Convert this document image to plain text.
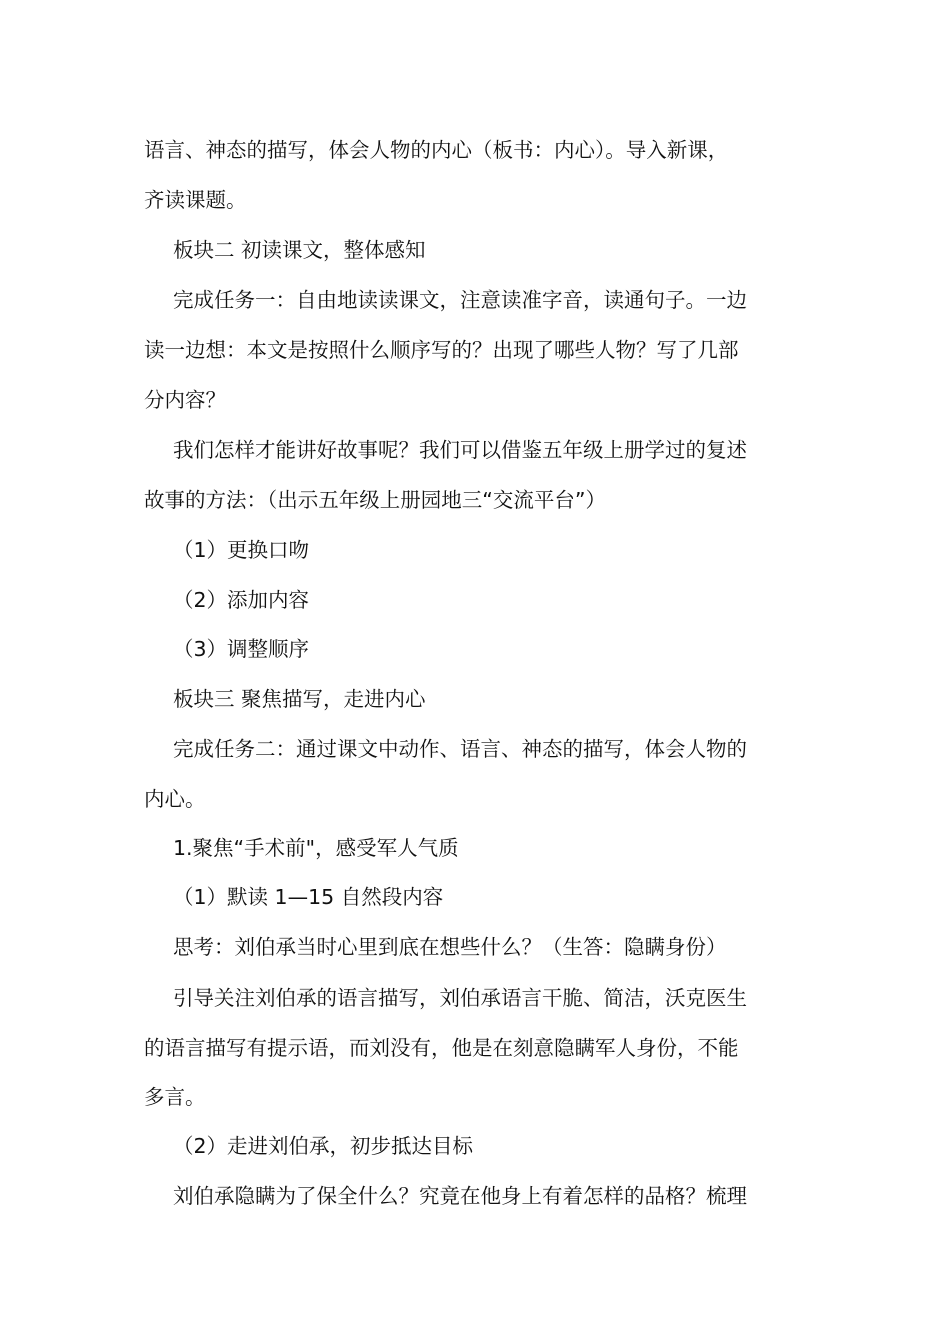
语言、神态的描写，体会人物的内心（板书：内心）。导入新课，
齐读课题。
板块二 初读课文，整体感知
完成任务一：自由地读读课文，注意读准字音，读通句子。一边
读一边想：本文是按照什么顺序写的？出现了哪些人物？写了几部
分内容？
我们怎样才能讲好故事呢？我们可以借鉴五年级上册学过的复述
故事的方法：（出示五年级上册园地三“交流平台”）
（1）更换口吻
（2）添加内容
（3）调整顺序
板块三 聚焦描写，走进内心
完成任务二：通过课文中动作、语言、神态的描写，体会人物的
内心。
1.聚焦“手术前"，感受军人气质
（1）默读 1—15 自然段内容
思考：刘伯承当时心里到底在想些什么？（生答：隐瞒身份）
引导关注刘伯承的语言描写，刘伯承语言干脆、简洁，沃克医生
的语言描写有提示语，而刘没有，他是在刻意隐瞒军人身份，不能
多言。
（2）走进刘伯承，初步抵达目标
刘伯承隐瞒为了保全什么？究竟在他身上有着怎样的品格？梳理
